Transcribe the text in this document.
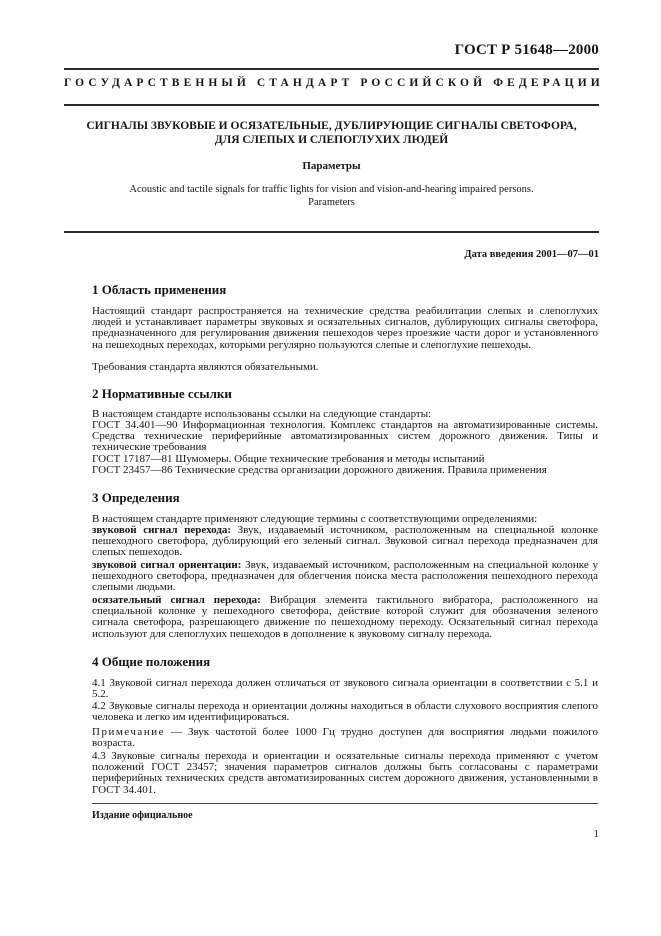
ГОСТ Р 51648—2000
ГОСУДАРСТВЕННЫЙ СТАНДАРТ РОССИЙСКОЙ ФЕДЕРАЦИИ
СИГНАЛЫ ЗВУКОВЫЕ И ОСЯЗАТЕЛЬНЫЕ, ДУБЛИРУЮЩИЕ СИГНАЛЫ СВЕТОФОРА,
ДЛЯ СЛЕПЫХ И СЛЕПОГЛУХИХ ЛЮДЕЙ
Параметры
Acoustic and tactile signals for traffic lights for vision and vision-and-hearing impaired persons.
Parameters
Дата введения 2001—07—01
1 Область применения

Настоящий стандарт распространяется на технические средства реабилитации слепых и слепоглухих людей и устанавливает параметры звуковых и осязательных сигналов, дублирующих сигналы светофора, предназначенного для регулирования движения пешеходов через проезжие части дорог и установленного на пешеходных переходах, которыми регулярно пользуются слепые и слепоглухие пешеходы.

Требования стандарта являются обязательными.

2 Нормативные ссылки

В настоящем стандарте использованы ссылки на следующие стандарты:

ГОСТ 34.401—90 Информационная технология. Комплекс стандартов на автоматизированные системы. Средства технические периферийные автоматизированных систем дорожного движения. Типы и технические требования

ГОСТ 17187—81 Шумомеры. Общие технические требования и методы испытаний

ГОСТ 23457—86 Технические средства организации дорожного движения. Правила применения

3 Определения

В настоящем стандарте применяют следующие термины с соответствующими определениями:

звуковой сигнал перехода: Звук, издаваемый источником, расположенным на специальной колонке пешеходного светофора, дублирующий его зеленый сигнал. Звуковой сигнал перехода предназначен для слепых пешеходов.

звуковой сигнал ориентации: Звук, издаваемый источником, расположенным на специальной колонке у пешеходного светофора, предназначен для облегчения поиска места расположения пешеходного перехода слепыми людьми.

осязательный сигнал перехода: Вибрация элемента тактильного вибратора, расположенного на специальной колонке у пешеходного светофора, действие которой служит для обозначения зеленого сигнала светофора, разрешающего движение по пешеходному переходу. Осязательный сигнал перехода используют для слепоглухих пешеходов в дополнение к звуковому сигналу перехода.

4 Общие положения

4.1 Звуковой сигнал перехода должен отличаться от звукового сигнала ориентации в соответствии с 5.1 и 5.2.

4.2 Звуковые сигналы перехода и ориентации должны находиться в области слухового восприятия слепого человека и легко им идентифицироваться.

Примечание — Звук частотой более 1000 Гц трудно доступен для восприятия людьми пожилого возраста.

4.3 Звуковые сигналы перехода и ориентации и осязательные сигналы перехода применяют с учетом положений ГОСТ 23457; значения параметров сигналов должны быть согласованы с параметрами периферийных технических средств автоматизированных систем дорожного движения, установленными в ГОСТ 34.401.

Издание официальное
1
